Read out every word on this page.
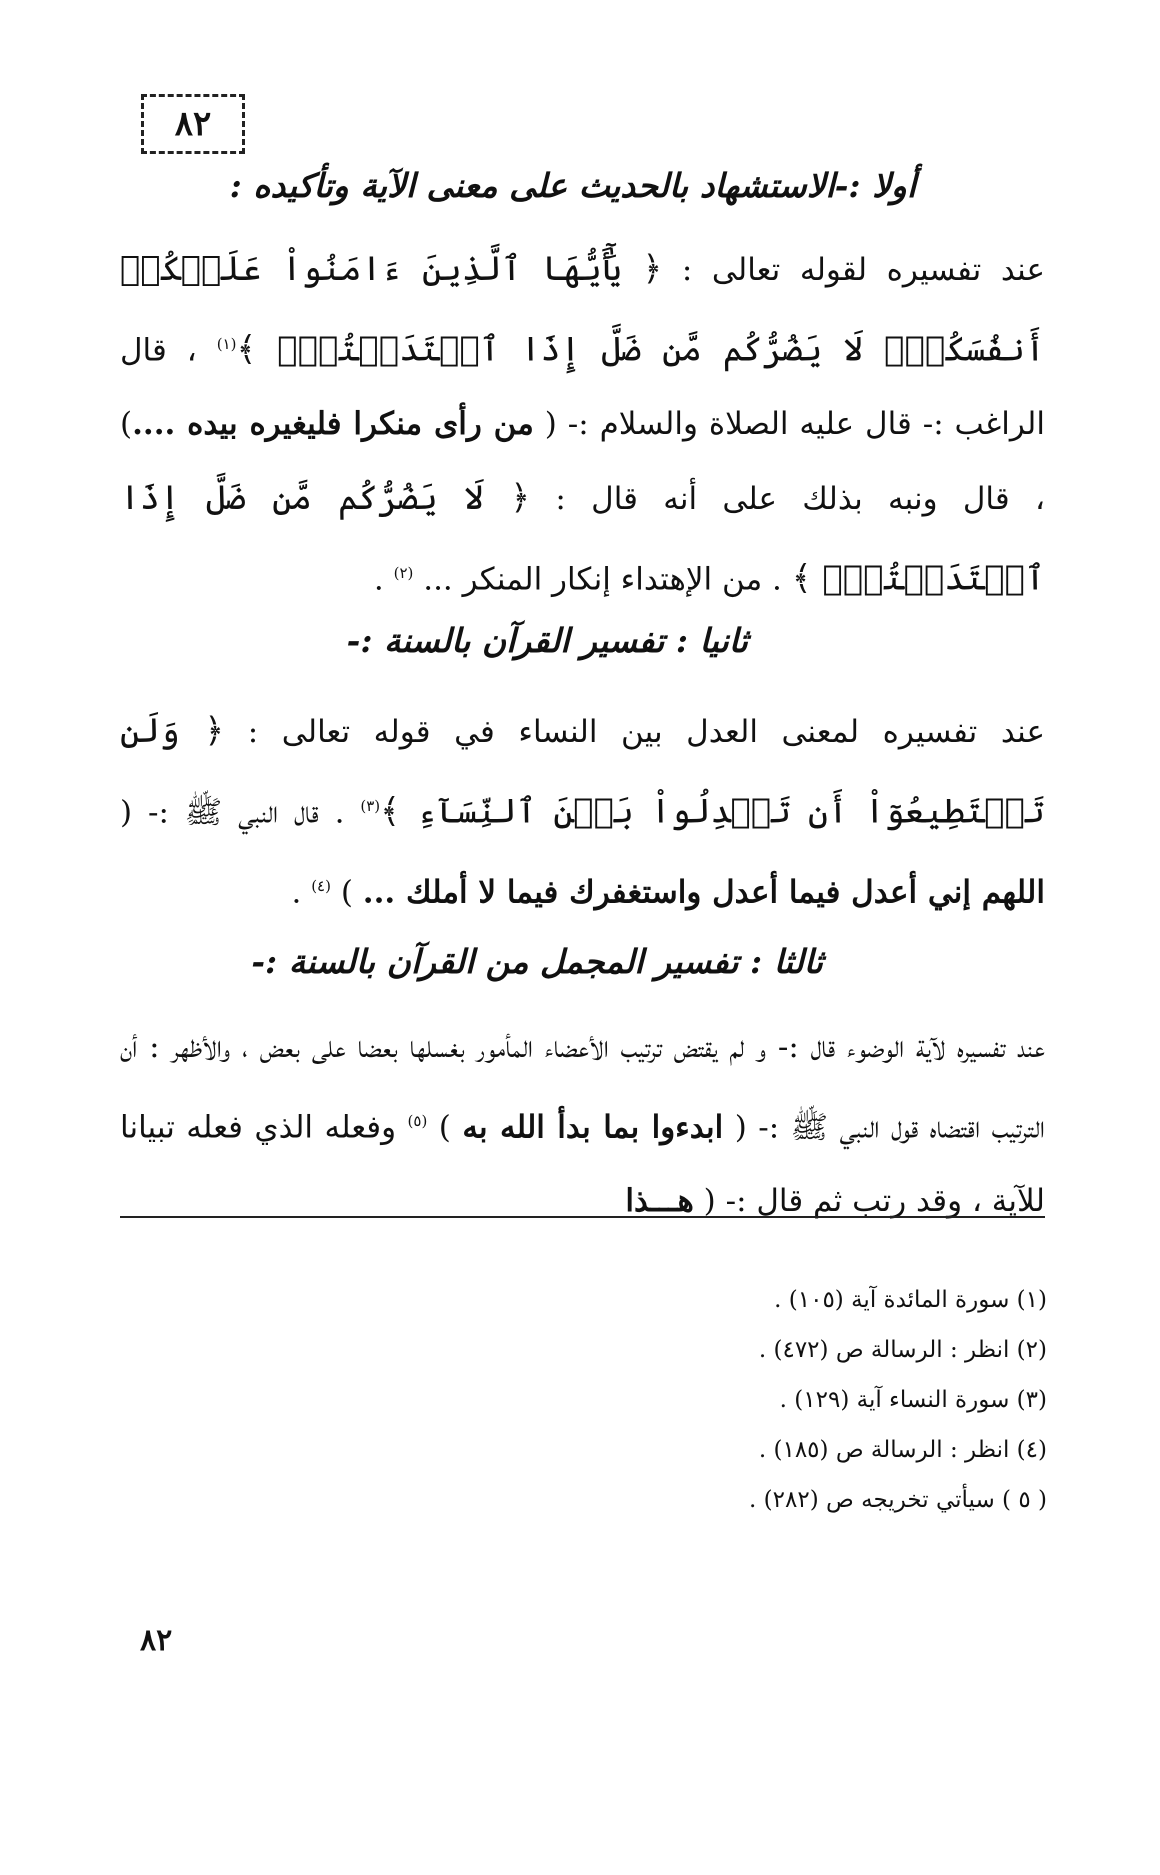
٨٢
أولا :-الاستشهاد بالحديث على معنى الآية وتأكيده :

عند تفسيره لقوله تعالى : ﴿ يَٰٓأَيُّهَا ٱلَّذِينَ ءَامَنُواْ عَلَيۡكُمۡ أَنفُسَكُمۡۖ لَا يَضُرُّكُم مَّن ضَلَّ إِذَا ٱهۡتَدَيۡتُمۡۚ ﴾$^{(١)}$ ، قال الراغب :- قال عليه الصلاة والسلام :- ( من رأى منكرا فليغيره بيده ....) ، قال ونبه بذلك على أنه قال : ﴿ لَا يَضُرُّكُم مَّن ضَلَّ إِذَا ٱهۡتَدَيۡتُمۡۚ ﴾ . من الإهتداء إنكار المنكر ... $^{(٢)}$ .

ثانيا : تفسير القرآن بالسنة :-

عند تفسيره لمعنى العدل بين النساء في قوله تعالى : ﴿ وَلَن تَسۡتَطِيعُوٓاْ أَن تَعۡدِلُواْ بَيۡنَ ٱلنِّسَآءِ ﴾$^{(٣)}$ . قال النبي ﷺ :- ( اللهم إني أعدل فيما أعدل واستغفرك فيما لا أملك ... ) $^{(٤)}$ .

ثالثا : تفسير المجمل من القرآن بالسنة :-

عند تفسيره لآية الوضوء قال :- و لم يقتض ترتيب الأعضاء المأمور بغسلها بعضا على بعض ، والأظهر : أن الترتيب اقتضاه قول النبي ﷺ :- ( ابدءوا بما بدأ الله به ) $^{(٥)}$ وفعله الذي فعله تبيانا للآية ، وقد رتب ثم قال :- ( هـــذا

(١) سورة المائدة آية (١٠٥) .
(٢) انظر : الرسالة ص (٤٧٢) .
(٣) سورة النساء آية (١٢٩) .
(٤) انظر : الرسالة ص (١٨٥) .
( ٥ ) سيأتي تخريجه ص (٢٨٢) .
٨٢
